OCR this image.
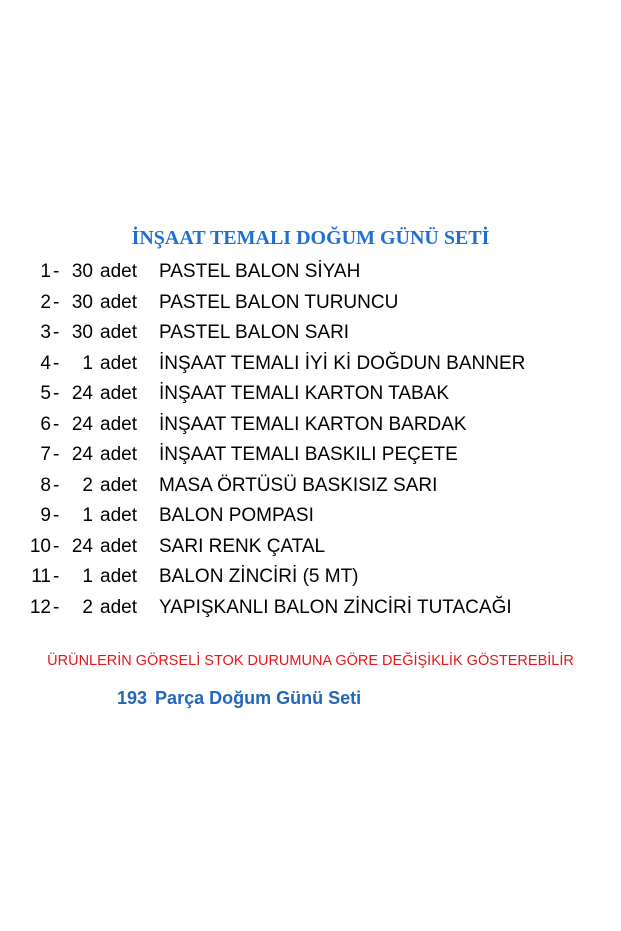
İNŞAAT TEMALI DOĞUM GÜNÜ SETİ
1 - 30 adet PASTEL BALON SİYAH
2 - 30 adet PASTEL BALON TURUNCU
3 - 30 adet PASTEL BALON SARI
4 - 1 adet İNŞAAT TEMALI İYİ Kİ DOĞDUN BANNER
5 - 24 adet İNŞAAT TEMALI KARTON TABAK
6 - 24 adet İNŞAAT TEMALI KARTON BARDAK
7 - 24 adet İNŞAAT TEMALI BASKILI PEÇETE
8 - 2 adet MASA ÖRTÜSÜ BASKISIZ SARI
9 - 1 adet BALON POMPASI
10 - 24 adet SARI RENK ÇATAL
11 - 1 adet BALON ZİNCİRİ (5 MT)
12 - 2 adet YAPIŞKANLI BALON ZİNCİRİ TUTACAĞI
ÜRÜNLERİN GÖRSELİ STOK DURUMUNA GÖRE DEĞİŞİKLİK GÖSTEREBİLİR
193 Parça Doğum Günü Seti
